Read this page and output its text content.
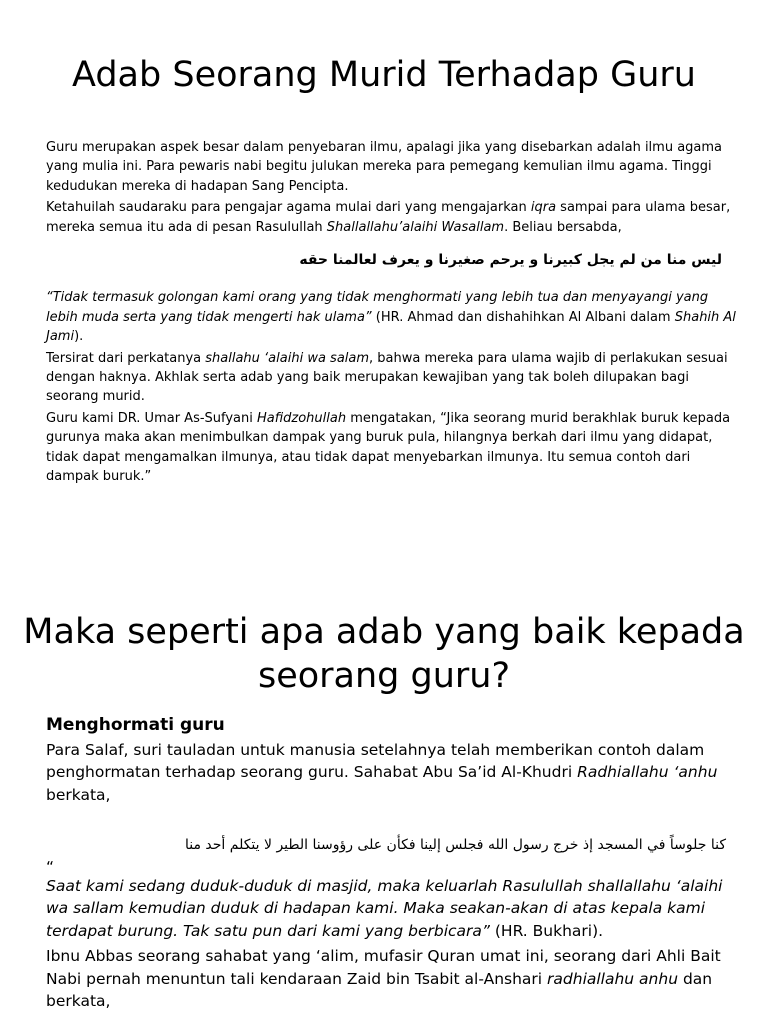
Adab Seorang Murid Terhadap Guru

Guru merupakan aspek besar dalam penyebaran ilmu, apalagi jika yang disebarkan adalah ilmu agama yang mulia ini. Para pewaris nabi begitu julukan mereka para pemegang kemulian ilmu agama. Tinggi kedudukan mereka di hadapan Sang Pencipta.

Ketahuilah saudaraku para pengajar agama mulai dari yang mengajarkan iqra sampai para ulama besar, mereka semua itu ada di pesan Rasulullah Shallallahu’alaihi Wasallam. Beliau bersabda,

ليس منا من لم يجل كبيرنا و يرحم صغيرنا و يعرف لعالمنا حقه

“Tidak termasuk golongan kami orang yang tidak menghormati yang lebih tua dan menyayangi yang lebih muda serta yang tidak mengerti hak ulama” (HR. Ahmad dan dishahihkan Al Albani dalam Shahih Al Jami).

Tersirat dari perkatanya shallahu ‘alaihi wa salam, bahwa mereka para ulama wajib di perlakukan sesuai dengan haknya. Akhlak serta adab yang baik merupakan kewajiban yang tak boleh dilupakan bagi seorang murid.

Guru kami DR. Umar As-Sufyani Hafidzohullah mengatakan, “Jika seorang murid berakhlak buruk kepada gurunya maka akan menimbulkan dampak yang buruk pula, hilangnya berkah dari ilmu yang didapat, tidak dapat mengamalkan ilmunya, atau tidak dapat menyebarkan ilmunya. Itu semua contoh dari dampak buruk.”

Maka seperti apa adab yang baik kepada seorang guru?

Menghormati guru

Para Salaf, suri tauladan untuk manusia setelahnya telah memberikan contoh dalam penghormatan terhadap seorang guru. Sahabat Abu Sa’id Al-Khudri Radhiallahu ‘anhu berkata,

كنا جلوساً في المسجد إذ خرج رسول الله فجلس إلينا فكأن على رؤوسنا الطير لا يتكلم أحد منا

“

Saat kami sedang duduk-duduk di masjid, maka keluarlah Rasulullah shallallahu ‘alaihi wa sallam kemudian duduk di hadapan kami. Maka seakan-akan di atas kepala kami terdapat burung. Tak satu pun dari kami yang berbicara” (HR. Bukhari).

Ibnu Abbas seorang sahabat yang ‘alim, mufasir Quran umat ini, seorang dari Ahli Bait Nabi pernah menuntun tali kendaraan Zaid bin Tsabit al-Anshari radhiallahu anhu dan berkata,
